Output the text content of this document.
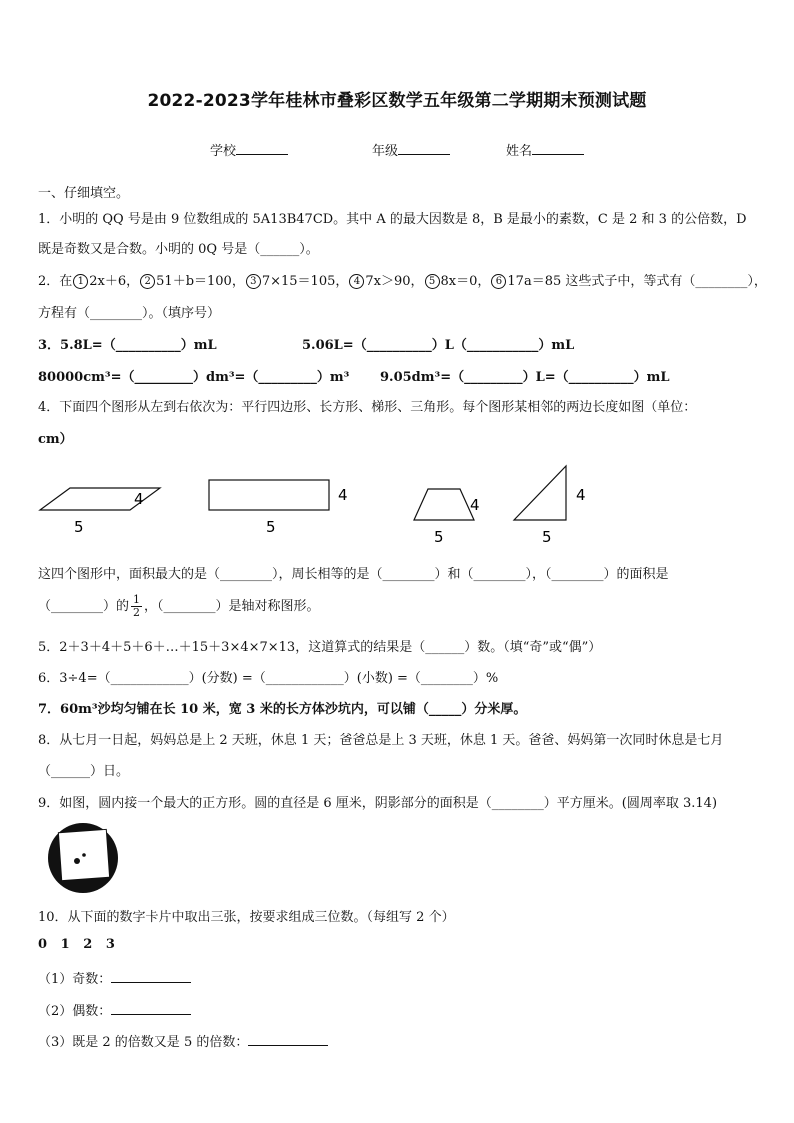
2022-2023学年桂林市叠彩区数学五年级第二学期期末预测试题
学校	年级	姓名
一、仔细填空。
1．小明的 QQ 号是由 9 位数组成的 5A13B47CD。其中 A 的最大因数是 8，B 是最小的素数，C 是 2 和 3 的公倍数，D
既是奇数又是合数。小明的 0Q 号是（______）。
2．在 1 2x＋6， 2 51＋b＝100， 3 7×15＝105， 4 7x＞90， 5 8x＝0， 6 17a＝85 这些式子中，等式有（________），
方程有（________）。（填序号）
3．5.8L=（__________）mL	5.06L=（__________）L（___________）mL
80000cm³=（_________）dm³=（_________）m³ 9.05dm³=（_________）L=（__________）mL
4．下面四个图形从左到右依次为：平行四边形、长方形、梯形、三角形。每个图形某相邻的两边长度如图（单位：
cm）
4
5
4
5
4
5
4
5
这四个图形中，面积最大的是（________），周长相等的是（________）和（________），（________）的面积是
（________）的 $\frac{1}{2}$ ，（________）是轴对称图形。
5．2＋3＋4＋5＋6＋…＋15＋3×4×7×13，这道算式的结果是（______）数。（填“奇”或“偶”）
6．3÷4=（____________）(分数) =（____________）(小数) =（________）%
7．60m³沙均匀铺在长 10 米，宽 3 米的长方体沙坑内，可以铺（_____）分米厚。
8．从七月一日起，妈妈总是上 2 天班，休息 1 天；爸爸总是上 3 天班，休息 1 天。爸爸、妈妈第一次同时休息是七月
（______）日。
9．如图，圆内接一个最大的正方形。圆的直径是 6 厘米，阴影部分的面积是（________）平方厘米。(圆周率取 3.14)
10．从下面的数字卡片中取出三张，按要求组成三位数。（每组写 2 个）
0   1   2   3
（1）奇数：
（2）偶数：
（3）既是 2 的倍数又是 5 的倍数：
